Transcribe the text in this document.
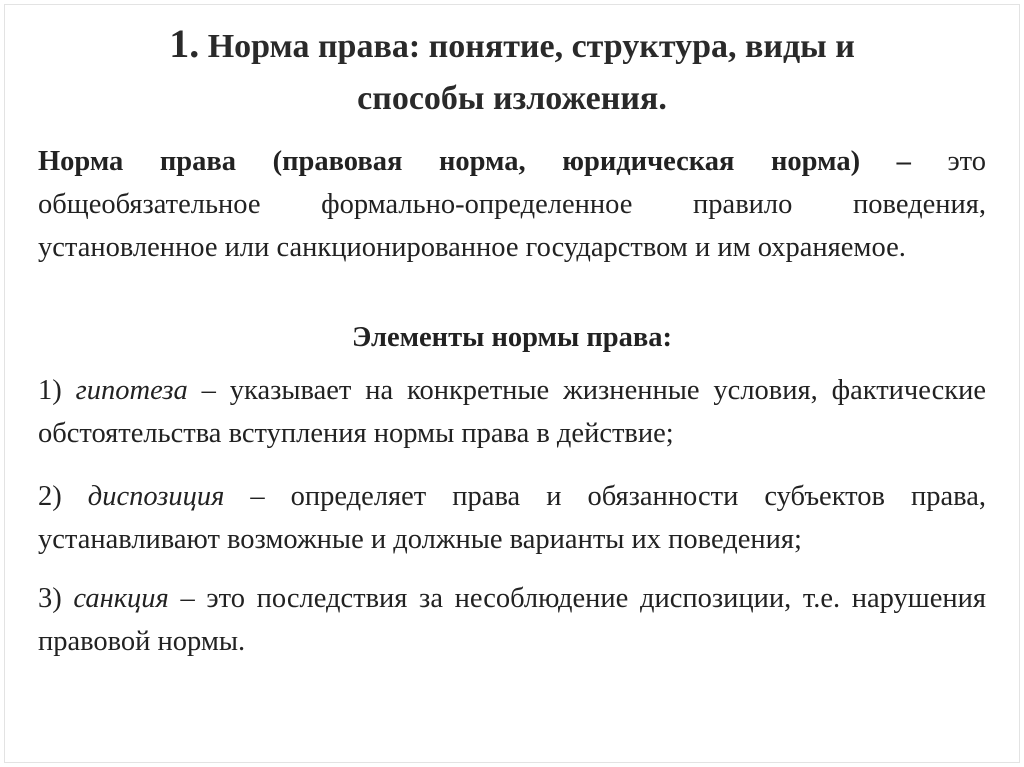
1. Норма права: понятие, структура, виды и
способы изложения.
Норма права (правовая норма, юридическая норма) – это общеобязательное формально-определенное правило поведения, установленное или санкционированное государством и им охраняемое.
Элементы нормы права:
1) гипотеза – указывает на конкретные жизненные условия, фактические обстоятельства вступления нормы права в действие;
2) диспозиция – определяет права и обязанности субъектов права, устанавливают возможные и должные варианты их поведения;
3) санкция – это последствия за несоблюдение диспозиции, т.е. нарушения правовой нормы.
